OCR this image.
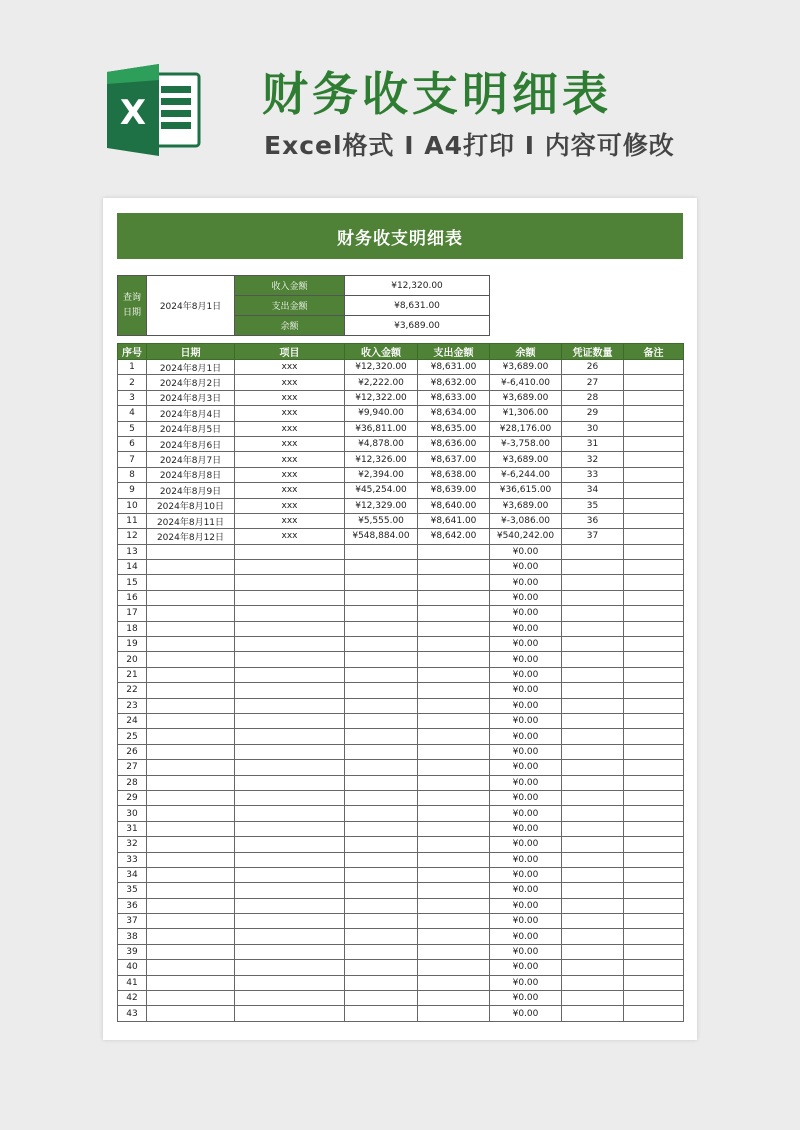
X	财务收支明细表
Excel格式 I A4打印 I 内容可修改
财务收支明细表
查询日期	2024年8月1日	收入金额	¥12,320.00
		支出金额	¥8,631.00
		余额	¥3,689.00
序号	日期	项目	收入金额	支出金额	余额	凭证数量	备注
1	2024年8月1日	xxx	¥12,320.00	¥8,631.00	¥3,689.00	26	
2	2024年8月2日	xxx	¥2,222.00	¥8,632.00	¥-6,410.00	27	
3	2024年8月3日	xxx	¥12,322.00	¥8,633.00	¥3,689.00	28	
4	2024年8月4日	xxx	¥9,940.00	¥8,634.00	¥1,306.00	29	
5	2024年8月5日	xxx	¥36,811.00	¥8,635.00	¥28,176.00	30	
6	2024年8月6日	xxx	¥4,878.00	¥8,636.00	¥-3,758.00	31	
7	2024年8月7日	xxx	¥12,326.00	¥8,637.00	¥3,689.00	32	
8	2024年8月8日	xxx	¥2,394.00	¥8,638.00	¥-6,244.00	33	
9	2024年8月9日	xxx	¥45,254.00	¥8,639.00	¥36,615.00	34	
10	2024年8月10日	xxx	¥12,329.00	¥8,640.00	¥3,689.00	35	
11	2024年8月11日	xxx	¥5,555.00	¥8,641.00	¥-3,086.00	36	
12	2024年8月12日	xxx	¥548,884.00	¥8,642.00	¥540,242.00	37	
13					¥0.00		
14					¥0.00		
15					¥0.00		
16					¥0.00		
17					¥0.00		
18					¥0.00		
19					¥0.00		
20					¥0.00		
21					¥0.00		
22					¥0.00		
23					¥0.00		
24					¥0.00		
25					¥0.00		
26					¥0.00		
27					¥0.00		
28					¥0.00		
29					¥0.00		
30					¥0.00		
31					¥0.00		
32					¥0.00		
33					¥0.00		
34					¥0.00		
35					¥0.00		
36					¥0.00		
37					¥0.00		
38					¥0.00		
39					¥0.00		
40					¥0.00		
41					¥0.00		
42					¥0.00		
43					¥0.00		
